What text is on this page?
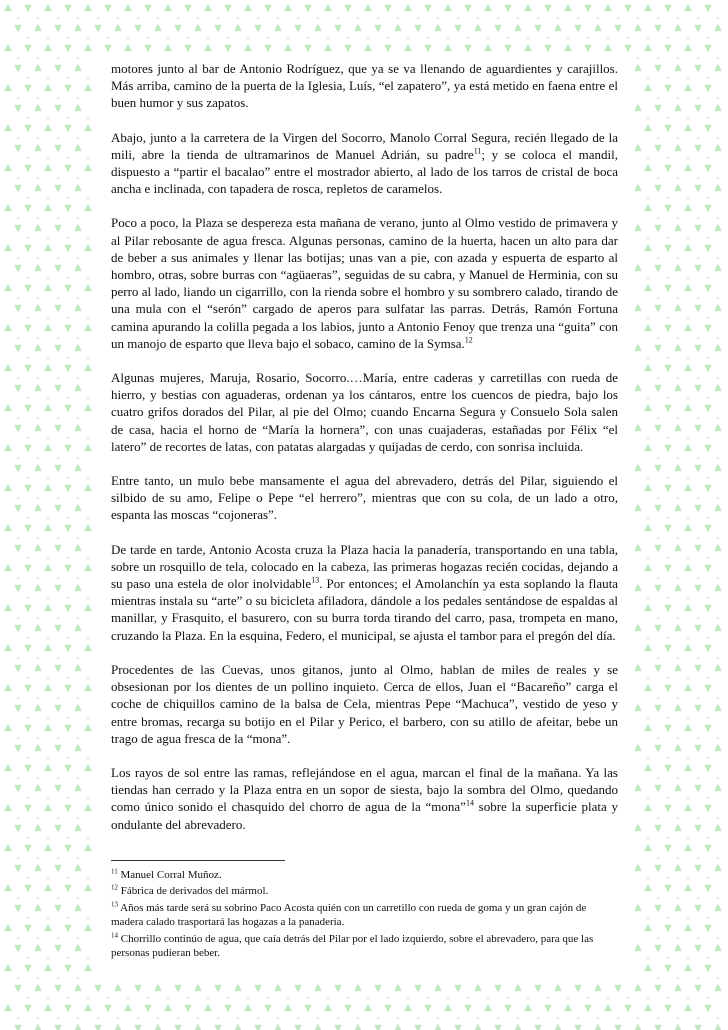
motores junto al bar de Antonio Rodríguez, que ya se va llenando de aguardientes y carajillos. Más arriba, camino de la puerta de la Iglesia, Luís, “el zapatero”, ya está metido en faena entre el buen humor y sus zapatos.

Abajo, junto a la carretera de la Virgen del Socorro, Manolo Corral Segura, recién llegado de la mili, abre la tienda de ultramarinos de Manuel Adrián, su padre$^{11}$; y se coloca el mandil, dispuesto a “partir el bacalao” entre el mostrador abierto, al lado de los tarros de cristal de boca ancha e inclinada, con tapadera de rosca, repletos de caramelos.

Poco a poco, la Plaza se despereza esta mañana de verano, junto al Olmo vestido de primavera y al Pilar rebosante de agua fresca. Algunas personas, camino de la huerta, hacen un alto para dar de beber a sus animales y llenar las botijas; unas van a pie, con azada y espuerta de esparto al hombro, otras, sobre burras con “agüaeras”, seguidas de su cabra, y Manuel de Herminia, con su perro al lado, liando un cigarrillo, con la rienda sobre el hombro y su sombrero calado, tirando de una mula con el “serón” cargado de aperos para sulfatar las parras. Detrás, Ramón Fortuna camina apurando la colilla pegada a los labios, junto a Antonio Fenoy que trenza una “guita” con un manojo de esparto que lleva bajo el sobaco, camino de la Symsa.$^{12}$

Algunas mujeres, Maruja, Rosario, Socorro.…María, entre caderas y carretillas con rueda de hierro, y bestias con aguaderas, ordenan ya los cántaros, entre los cuencos de piedra, bajo los cuatro grifos dorados del Pilar, al pie del Olmo; cuando Encarna Segura y Consuelo Sola salen de casa, hacia el horno de “María la hornera”, con unas cuajaderas, estañadas por Félix “el latero” de recortes de latas, con patatas alargadas y quijadas de cerdo, con sonrisa incluida.

Entre tanto, un mulo bebe mansamente el agua del abrevadero, detrás del Pilar, siguiendo el silbido de su amo, Felipe o Pepe “el herrero”, mientras que con su cola, de un lado a otro, espanta las moscas “cojoneras”.

De tarde en tarde, Antonio Acosta cruza la Plaza hacia la panadería, transportando en una tabla, sobre un rosquillo de tela, colocado en la cabeza, las primeras hogazas recién cocidas, dejando a su paso una estela de olor inolvidable$^{13}$. Por entonces; el Amolanchín ya esta soplando la flauta mientras instala su “arte” o su bicicleta afiladora, dándole a los pedales sentándose de espaldas al manillar, y Frasquito, el basurero, con su burra torda tirando del carro, pasa, trompeta en mano, cruzando la Plaza. En la esquina, Federo, el municipal, se ajusta el tambor para el pregón del día.

Procedentes de las Cuevas, unos gitanos, junto al Olmo, hablan de miles de reales y se obsesionan por los dientes de un pollino inquieto. Cerca de ellos, Juan el “Bacareño” carga el coche de chiquillos camino de la balsa de Cela, mientras Pepe “Machuca”, vestido de yeso y entre bromas, recarga su botijo en el Pilar y Perico, el barbero, con su atillo de afeitar, bebe un trago de agua fresca de la “mona”.

Los rayos de sol entre las ramas, reflejándose en el agua, marcan el final de la mañana. Ya las tiendas han cerrado y la Plaza entra en un sopor de siesta, bajo la sombra del Olmo, quedando como único sonido el chasquido del chorro de agua de la “mona”$^{14}$ sobre la superficie plata y ondulante del abrevadero.

$^{11}$ Manuel Corral Muñoz.
$^{12}$ Fábrica de derivados del mármol.
$^{13}$ Años más tarde será su sobrino Paco Acosta quién con un carretillo con rueda de goma y un gran cajón de madera calado trasportará las hogazas a la panadería.
$^{14}$ Chorrillo continúo de agua, que caía detrás del Pilar por el lado izquierdo, sobre el abrevadero, para que las personas pudieran beber.
